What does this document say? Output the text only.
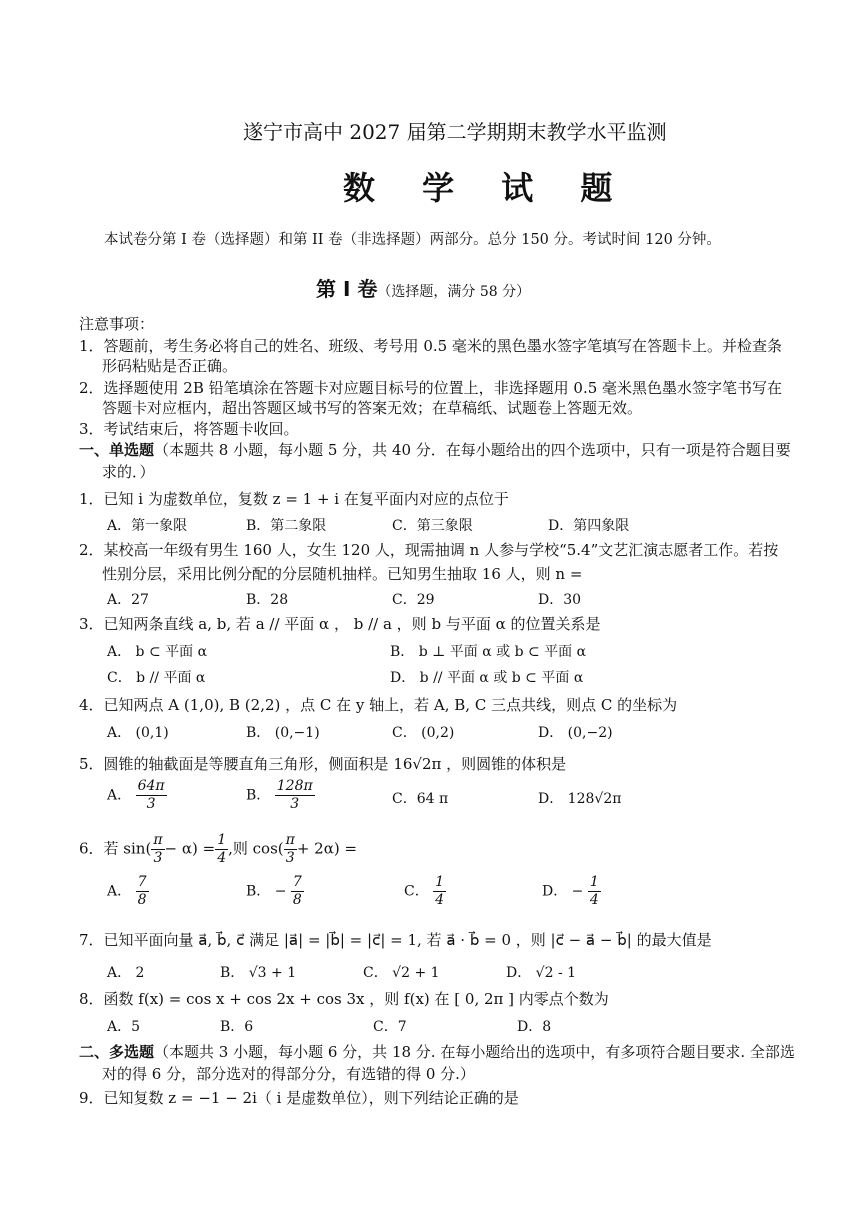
遂宁市高中 2027 届第二学期期末教学水平监测
数 学 试 题
本试卷分第 I 卷（选择题）和第 II 卷（非选择题）两部分。总分 150 分。考试时间 120 分钟。
第 I 卷（选择题，满分 58 分）
注意事项：
1．答题前，考生务必将自己的姓名、班级、考号用 0.5 毫米的黑色墨水签字笔填写在答题卡上。并检查条
形码粘贴是否正确。
2．选择题使用 2B 铅笔填涂在答题卡对应题目标号的位置上，非选择题用 0.5 毫米黑色墨水签字笔书写在
答题卡对应框内，超出答题区域书写的答案无效；在草稿纸、试题卷上答题无效。
3．考试结束后，将答题卡收回。
一、单选题（本题共 8 小题，每小题 5 分，共 40 分．在每小题给出的四个选项中，只有一项是符合题目要
求的．）
1．已知 i 为虚数单位，复数 z = 1 + i 在复平面内对应的点位于
A．第一象限	B．第二象限	C．第三象限	D．第四象限
2．某校高一年级有男生 160 人，女生 120 人，现需抽调 n 人参与学校“5.4”文艺汇演志愿者工作。若按
性别分层，采用比例分配的分层随机抽样。已知男生抽取 16 人，则 n =
A．27	B．28	C．29	D．30
3．已知两条直线 a, b, 若 a // 平面 α ， b // a ，则 b 与平面 α 的位置关系是
A． b ⊂ 平面 α	B． b ⊥ 平面 α 或 b ⊂ 平面 α
C． b // 平面 α	D． b // 平面 α 或 b ⊂ 平面 α
4．已知两点 A (1,0), B (2,2) ，点 C 在 y 轴上，若 A, B, C 三点共线，则点 C 的坐标为
A． (0,1)	B． (0,−1)	C． (0,2)	D． (0,−2)
5．圆锥的轴截面是等腰直角三角形，侧面积是 16√2π ，则圆锥的体积是
A． $\frac{64\pi}{3}$	B． $\frac{128\pi}{3}$	C．64 π	D． 128√2π
6．若 $\sin( \frac{\pi}{3} - \alpha) = \frac{1}{4}$ ,则 $\cos( \frac{\pi}{3} + 2\alpha)$ =
A． $\frac{7}{8}$	B． − $\frac{7}{8}$	C． $\frac{1}{4}$	D． − $\frac{1}{4}$
7．已知平面向量 a⃗, b⃗, c⃗ 满足 |a⃗| = |b⃗| = |c⃗| = 1, 若 a⃗ · b⃗ = 0 ，则 |c⃗ − a⃗ − b⃗| 的最大值是
A． 2	B． √3 + 1	C． √2 + 1	D． √2 - 1
8．函数 f(x) = cos x + cos 2x + cos 3x ，则 f(x) 在 [ 0, 2π ] 内零点个数为
A．5	B．6	C．7	D．8
二、多选题（本题共 3 小题，每小题 6 分，共 18 分. 在每小题给出的选项中，有多项符合题目要求. 全部选
对的得 6 分，部分选对的得部分分，有选错的得 0 分.）
9．已知复数 z = −1 − 2i（ i 是虚数单位），则下列结论正确的是
